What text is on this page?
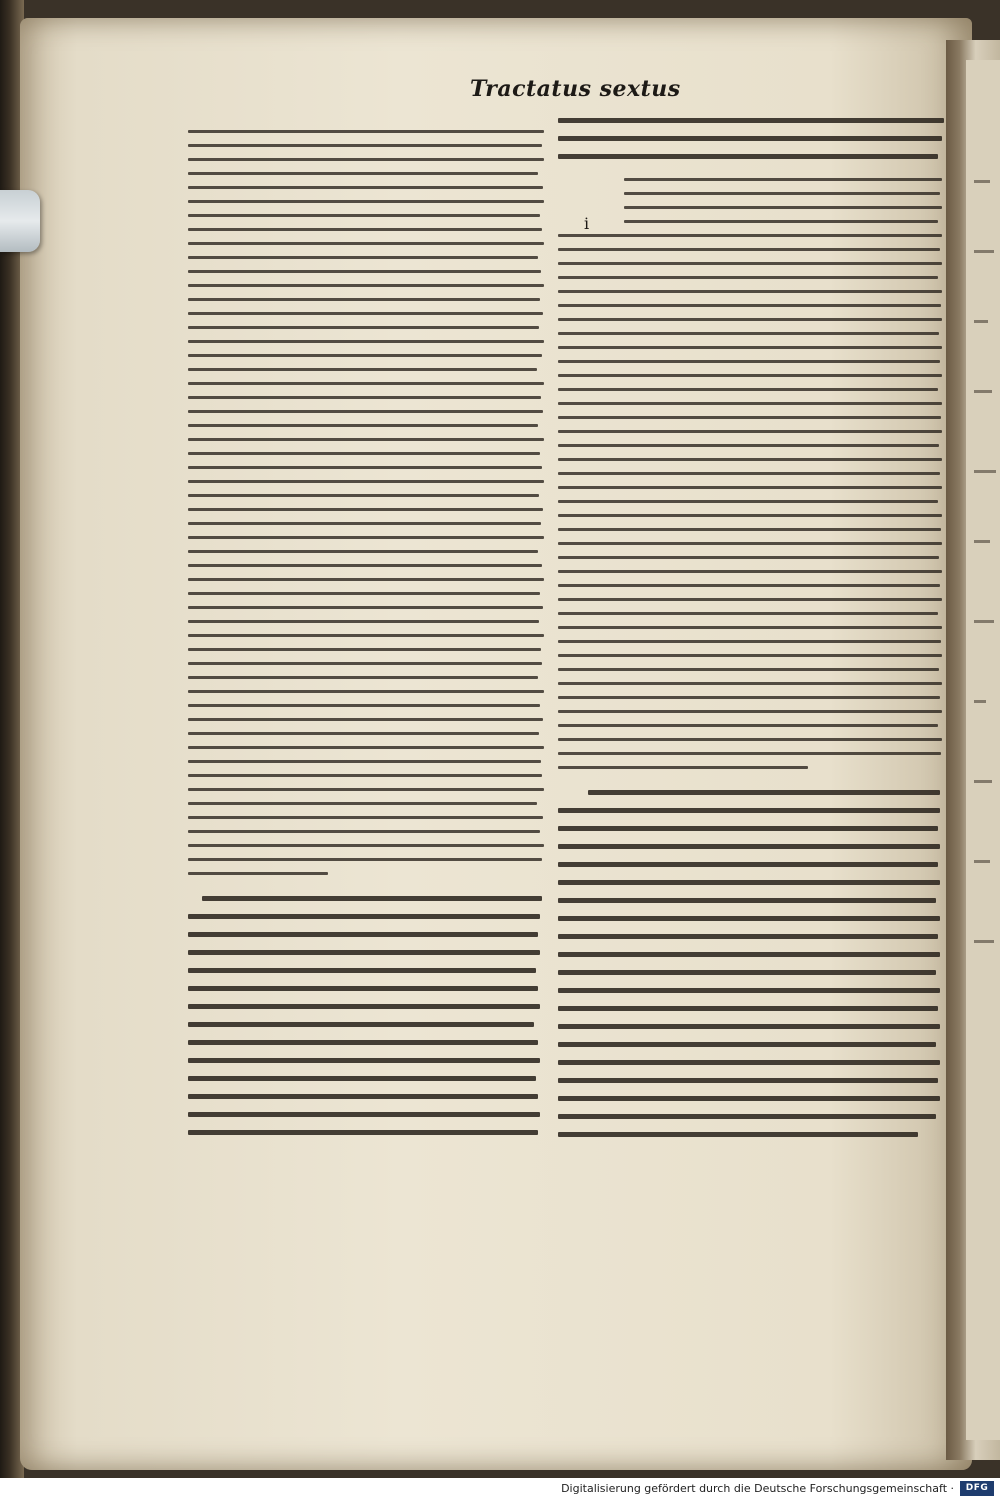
Tractatus sextus
i
Digitalisierung gefördert durch die Deutsche Forschungsgemeinschaft ·	DFG
